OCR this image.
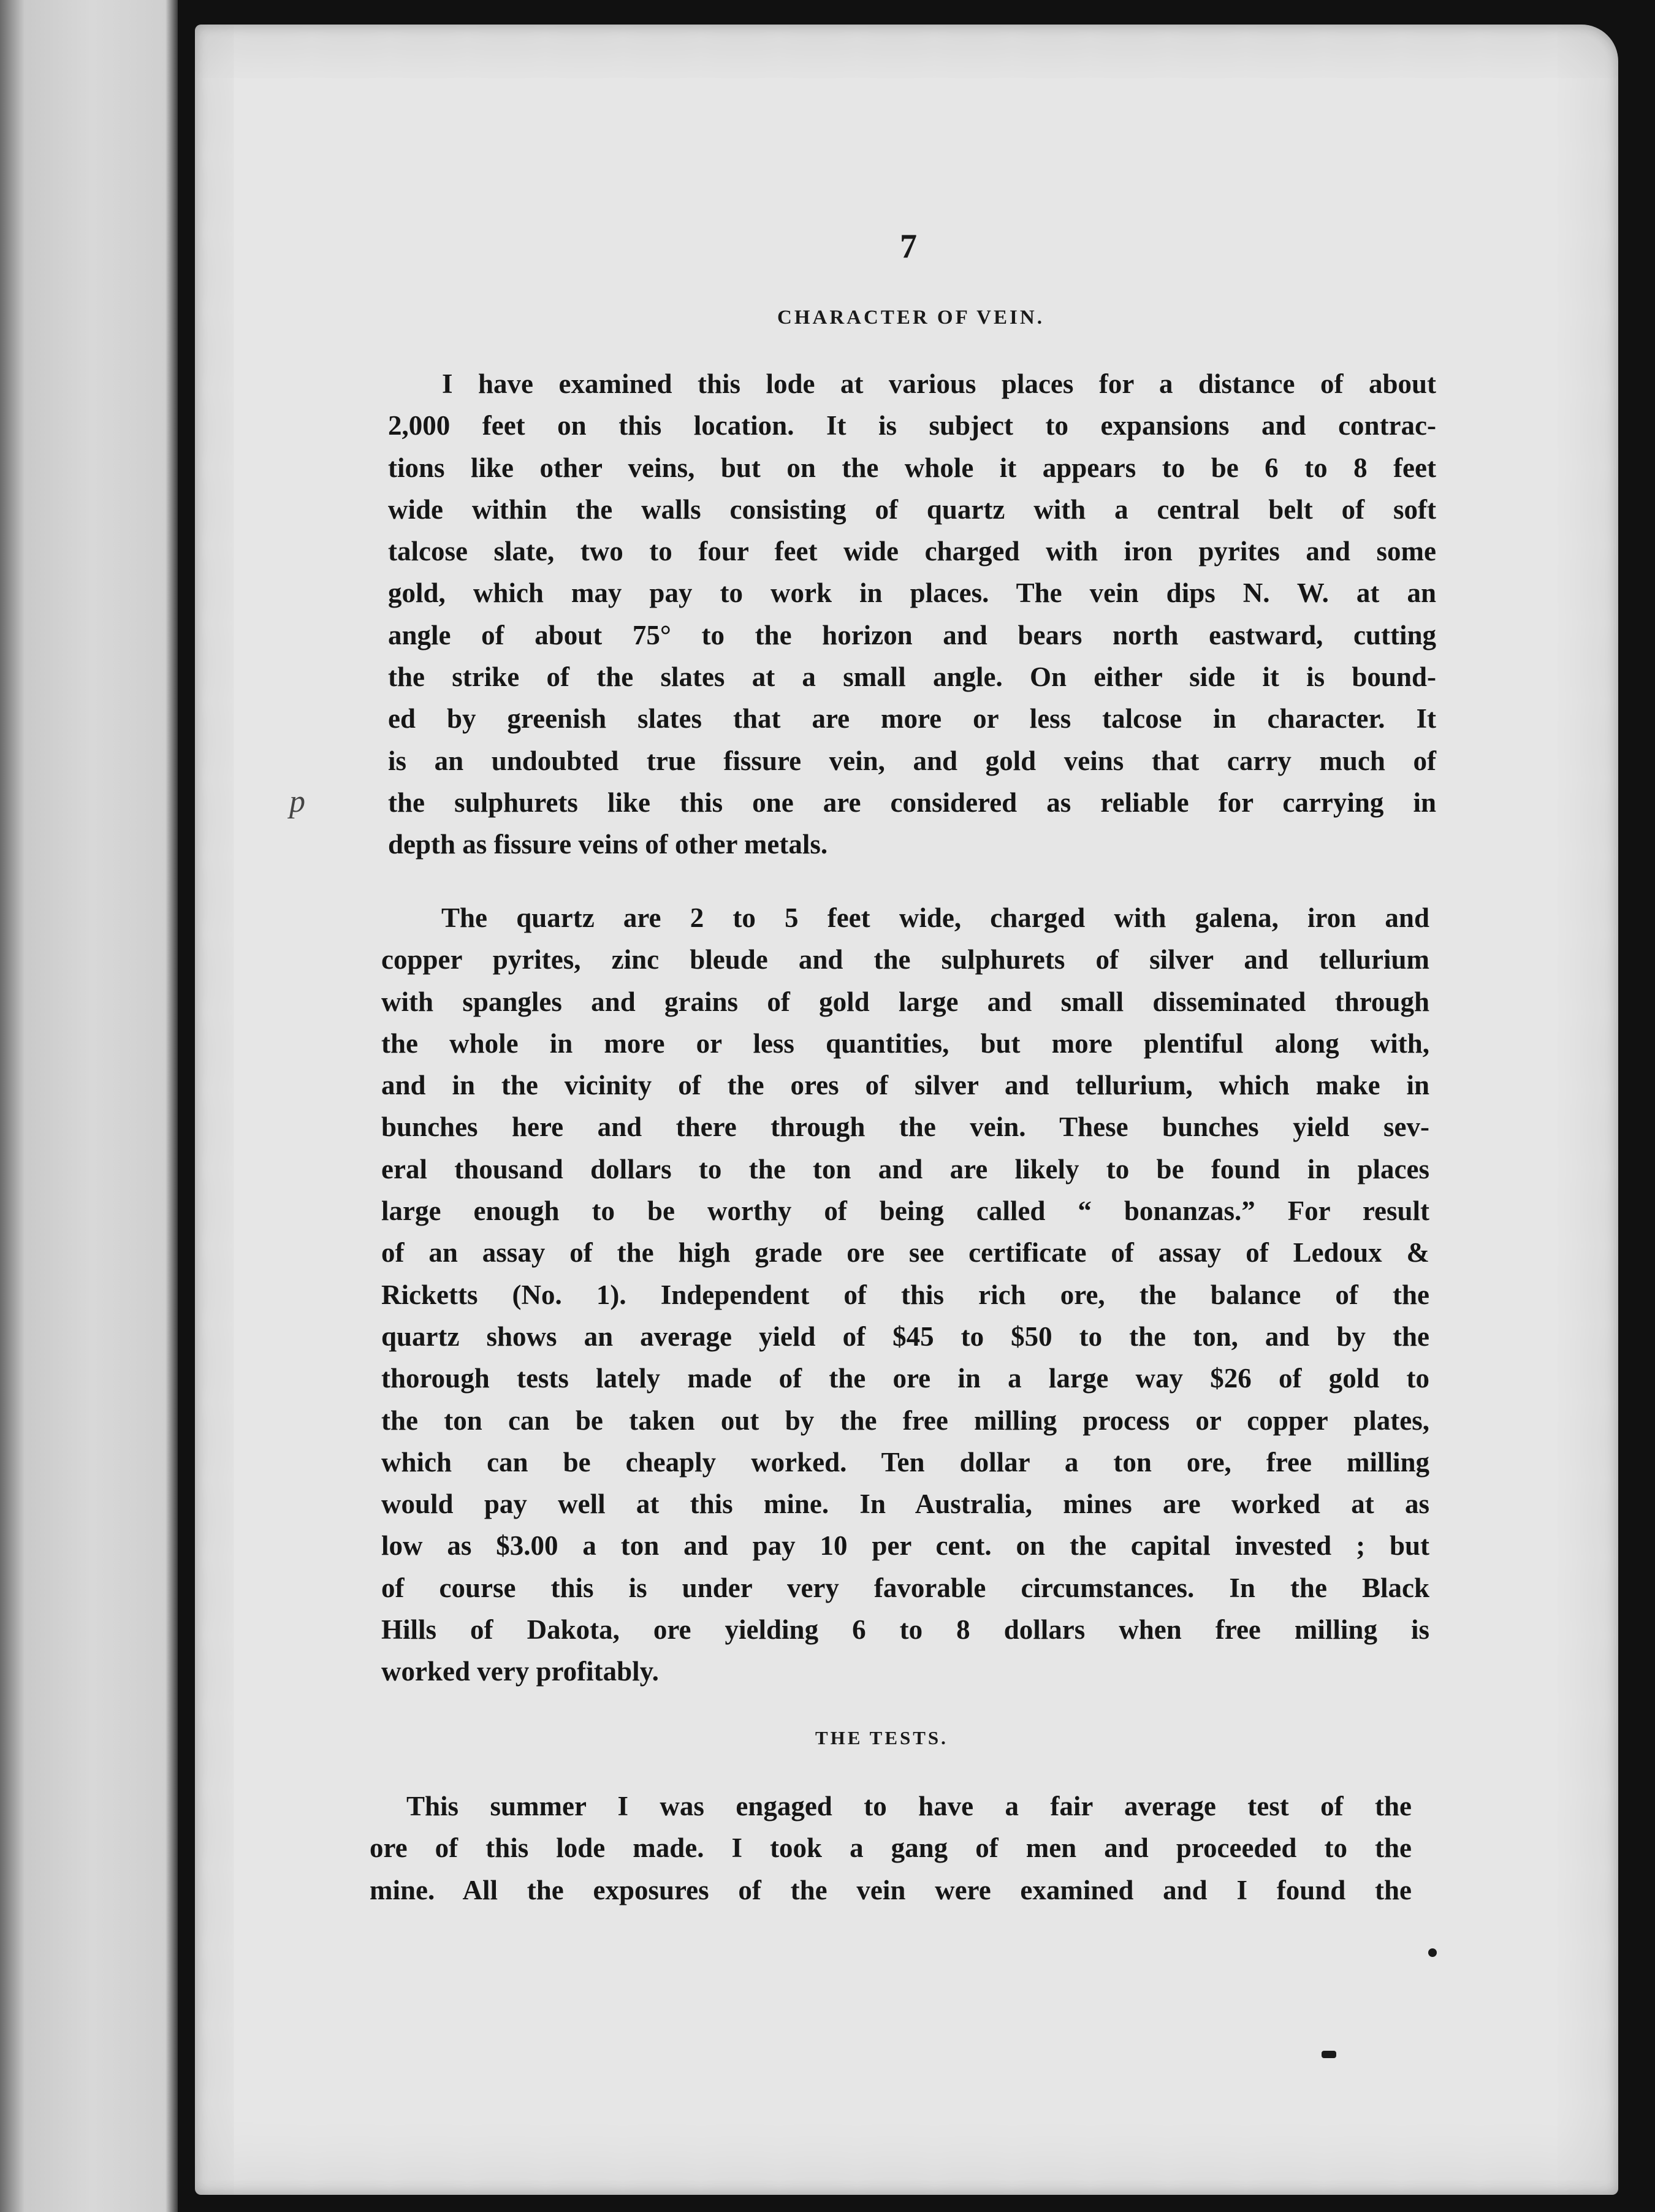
7
CHARACTER OF VEIN.
I have examined this lode at various places for a distance of about
2,000 feet on this location. It is subject to expansions and contrac-
tions like other veins, but on the whole it appears to be 6 to 8 feet
wide within the walls consisting of quartz with a central belt of soft
talcose slate, two to four feet wide charged with iron pyrites and some
gold, which may pay to work in places. The vein dips N. W. at an
angle of about 75° to the horizon and bears north eastward, cutting
the strike of the slates at a small angle. On either side it is bound-
ed by greenish slates that are more or less talcose in character. It
is an undoubted true fissure vein, and gold veins that carry much of
the sulphurets like this one are considered as reliable for carrying in
depth as fissure veins of other metals.
p
The quartz are 2 to 5 feet wide, charged with galena, iron and
copper pyrites, zinc bleude and the sulphurets of silver and tellurium
with spangles and grains of gold large and small disseminated through
the whole in more or less quantities, but more plentiful along with,
and in the vicinity of the ores of silver and tellurium, which make in
bunches here and there through the vein. These bunches yield sev-
eral thousand dollars to the ton and are likely to be found in places
large enough to be worthy of being called “ bonanzas.” For result
of an assay of the high grade ore see certificate of assay of Ledoux &
Ricketts (No. 1). Independent of this rich ore, the balance of the
quartz shows an average yield of $45 to $50 to the ton, and by the
thorough tests lately made of the ore in a large way $26 of gold to
the ton can be taken out by the free milling process or copper plates,
which can be cheaply worked. Ten dollar a ton ore, free milling
would pay well at this mine. In Australia, mines are worked at as
low as $3.00 a ton and pay 10 per cent. on the capital invested ; but
of course this is under very favorable circumstances. In the Black
Hills of Dakota, ore yielding 6 to 8 dollars when free milling is
worked very profitably.
THE TESTS.
This summer I was engaged to have a fair average test of the
ore of this lode made. I took a gang of men and proceeded to the
mine. All the exposures of the vein were examined and I found the
